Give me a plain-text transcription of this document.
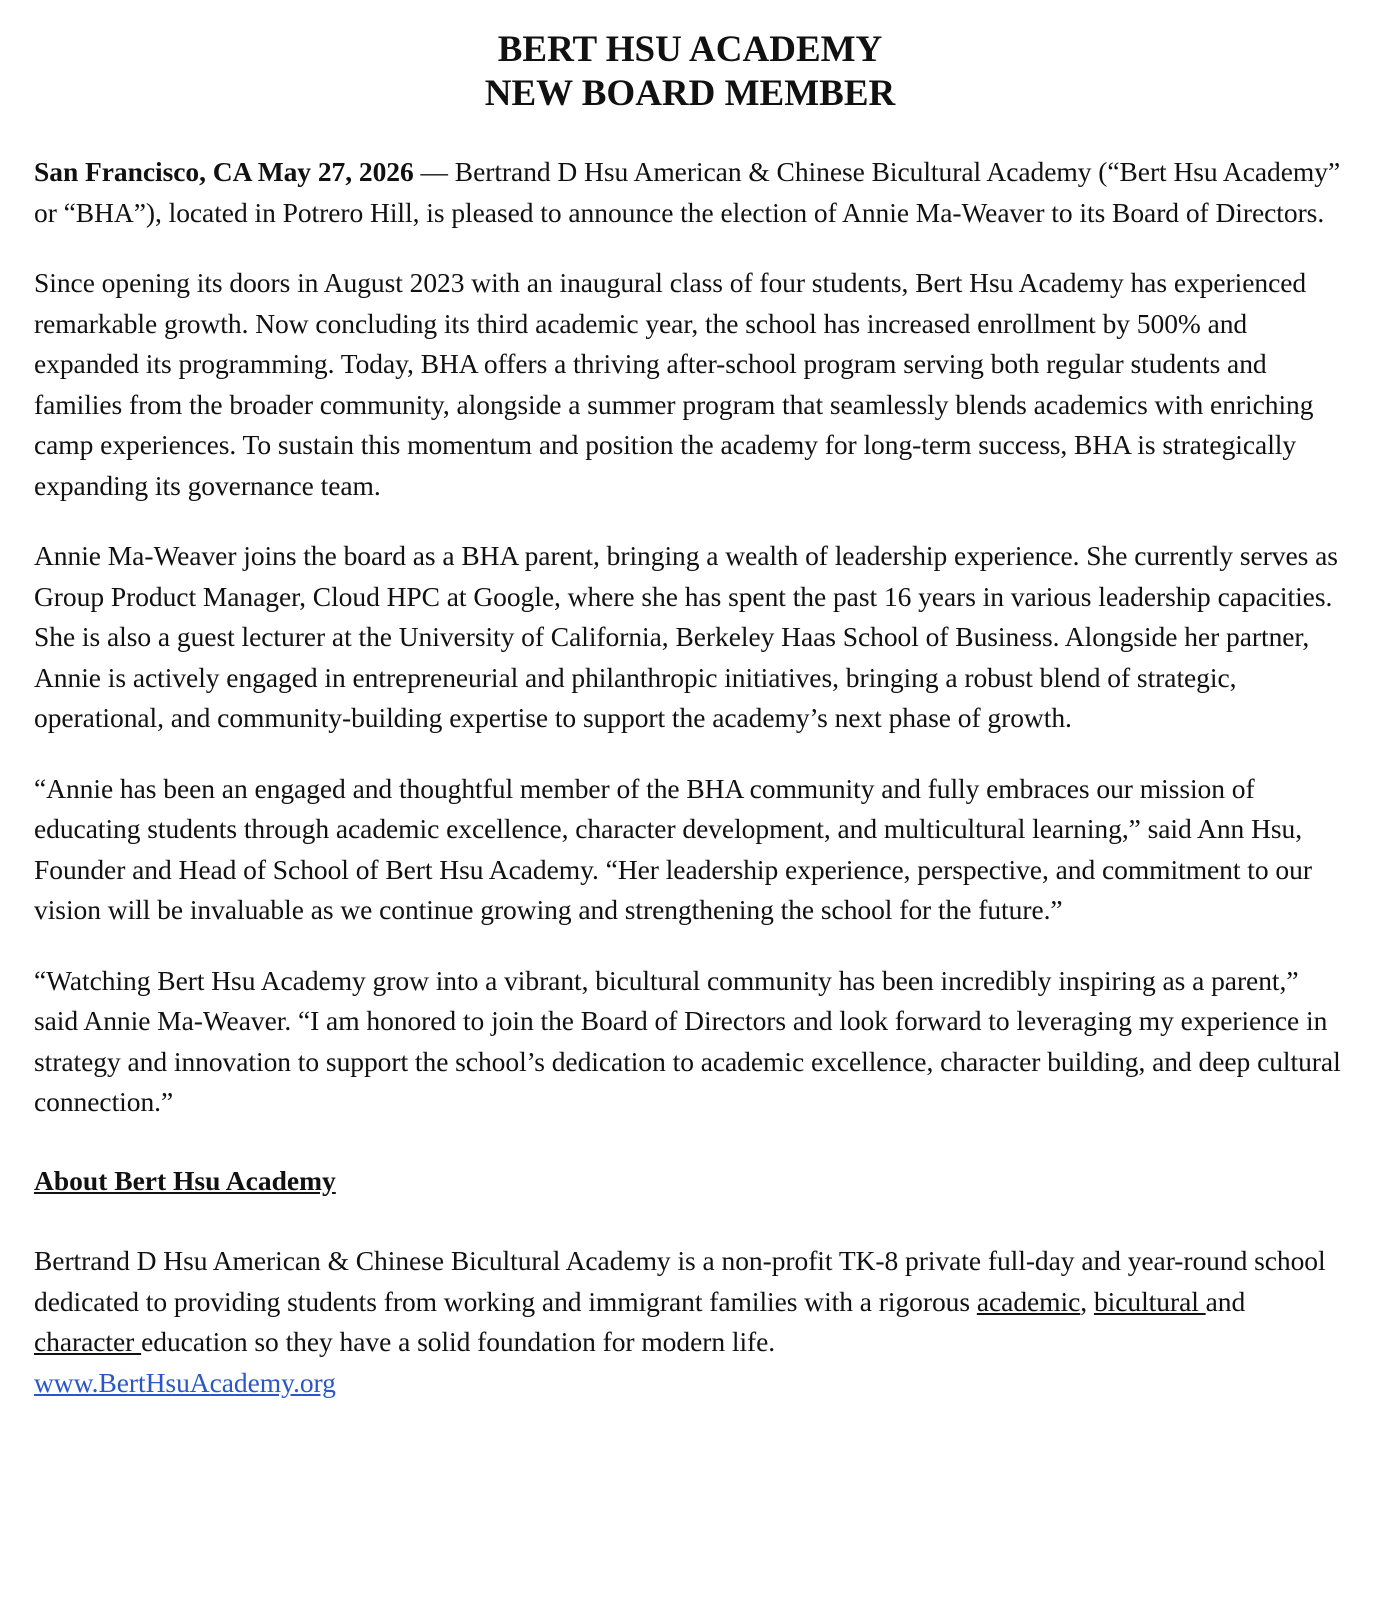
BERT HSU ACADEMY
NEW BOARD MEMBER

San Francisco, CA May 27, 2026 — Bertrand D Hsu American & Chinese Bicultural Academy (“Bert Hsu Academy” or “BHA”), located in Potrero Hill, is pleased to announce the election of Annie Ma-Weaver to its Board of Directors.

Since opening its doors in August 2023 with an inaugural class of four students, Bert Hsu Academy has experienced remarkable growth. Now concluding its third academic year, the school has increased enrollment by 500% and expanded its programming. Today, BHA offers a thriving after-school program serving both regular students and families from the broader community, alongside a summer program that seamlessly blends academics with enriching camp experiences. To sustain this momentum and position the academy for long-term success, BHA is strategically expanding its governance team.

Annie Ma-Weaver joins the board as a BHA parent, bringing a wealth of leadership experience. She currently serves as Group Product Manager, Cloud HPC at Google, where she has spent the past 16 years in various leadership capacities. She is also a guest lecturer at the University of California, Berkeley Haas School of Business. Alongside her partner, Annie is actively engaged in entrepreneurial and philanthropic initiatives, bringing a robust blend of strategic, operational, and community-building expertise to support the academy’s next phase of growth.

“Annie has been an engaged and thoughtful member of the BHA community and fully embraces our mission of educating students through academic excellence, character development, and multicultural learning,” said Ann Hsu, Founder and Head of School of Bert Hsu Academy. “Her leadership experience, perspective, and commitment to our vision will be invaluable as we continue growing and strengthening the school for the future.”

“Watching Bert Hsu Academy grow into a vibrant, bicultural community has been incredibly inspiring as a parent,” said Annie Ma-Weaver. “I am honored to join the Board of Directors and look forward to leveraging my experience in strategy and innovation to support the school’s dedication to academic excellence, character building, and deep cultural connection.”

About Bert Hsu Academy

Bertrand D Hsu American & Chinese Bicultural Academy is a non-profit TK-8 private full-day and year-round school dedicated to providing students from working and immigrant families with a rigorous academic, bicultural and character education so they have a solid foundation for modern life.
www.BertHsuAcademy.org
